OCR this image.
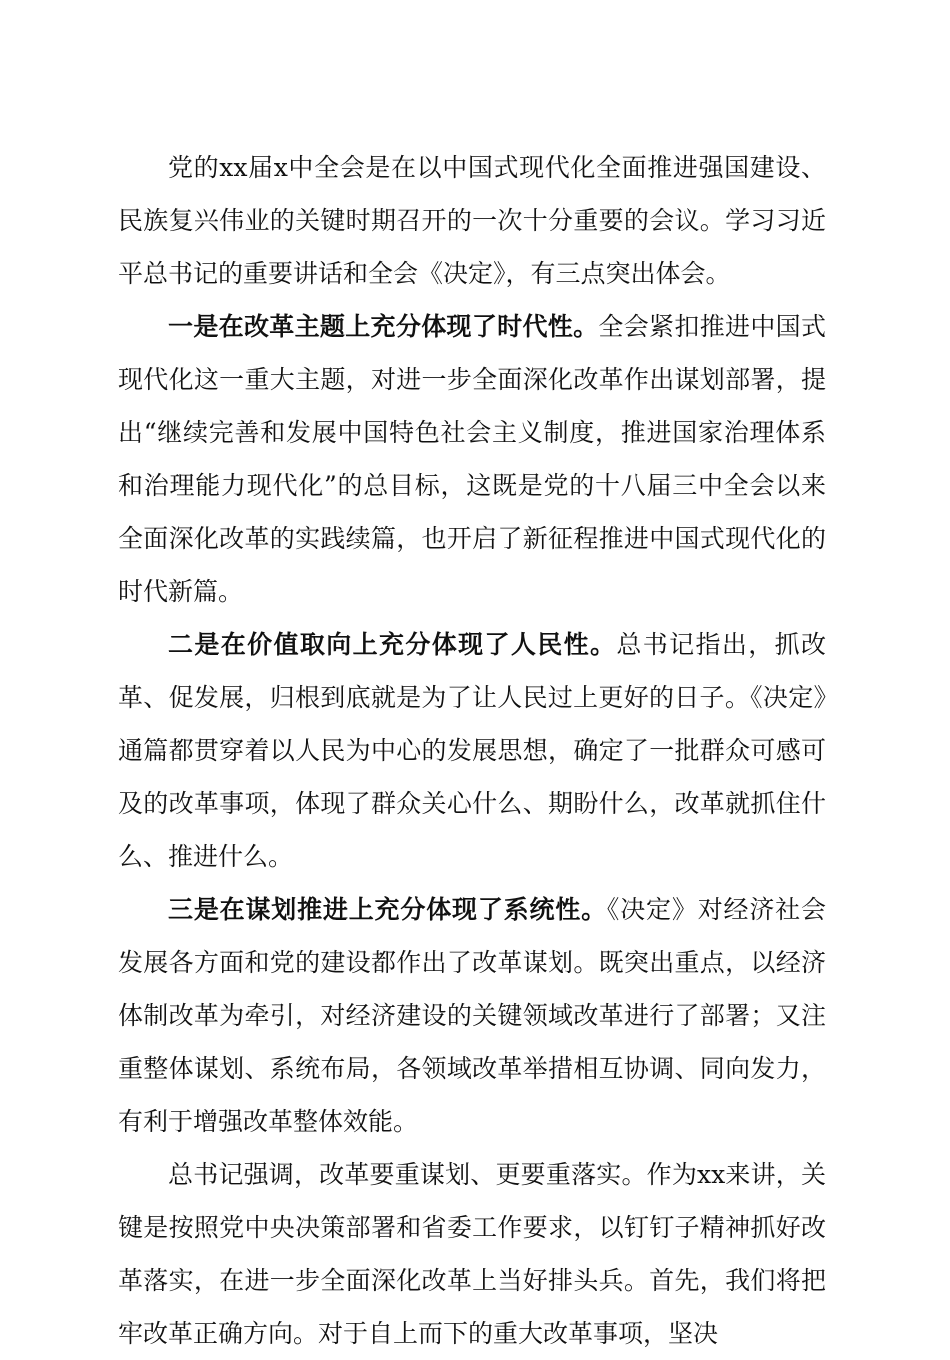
党的xx届x中全会是在以中国式现代化全面推进强国建设、民族复兴伟业的关键时期召开的一次十分重要的会议。学习习近平总书记的重要讲话和全会《决定》，有三点突出体会。

一是在改革主题上充分体现了时代性。全会紧扣推进中国式现代化这一重大主题，对进一步全面深化改革作出谋划部署，提出“继续完善和发展中国特色社会主义制度，推进国家治理体系和治理能力现代化”的总目标，这既是党的十八届三中全会以来全面深化改革的实践续篇，也开启了新征程推进中国式现代化的时代新篇。

二是在价值取向上充分体现了人民性。总书记指出，抓改革、促发展，归根到底就是为了让人民过上更好的日子。《决定》通篇都贯穿着以人民为中心的发展思想，确定了一批群众可感可及的改革事项，体现了群众关心什么、期盼什么，改革就抓住什么、推进什么。

三是在谋划推进上充分体现了系统性。《决定》对经济社会发展各方面和党的建设都作出了改革谋划。既突出重点，以经济体制改革为牵引，对经济建设的关键领域改革进行了部署；又注重整体谋划、系统布局，各领域改革举措相互协调、同向发力，有利于增强改革整体效能。

总书记强调，改革要重谋划、更要重落实。作为xx来讲，关键是按照党中央决策部署和省委工作要求，以钉钉子精神抓好改革落实，在进一步全面深化改革上当好排头兵。首先，我们将把牢改革正确方向。对于自上而下的重大改革事项，坚决
